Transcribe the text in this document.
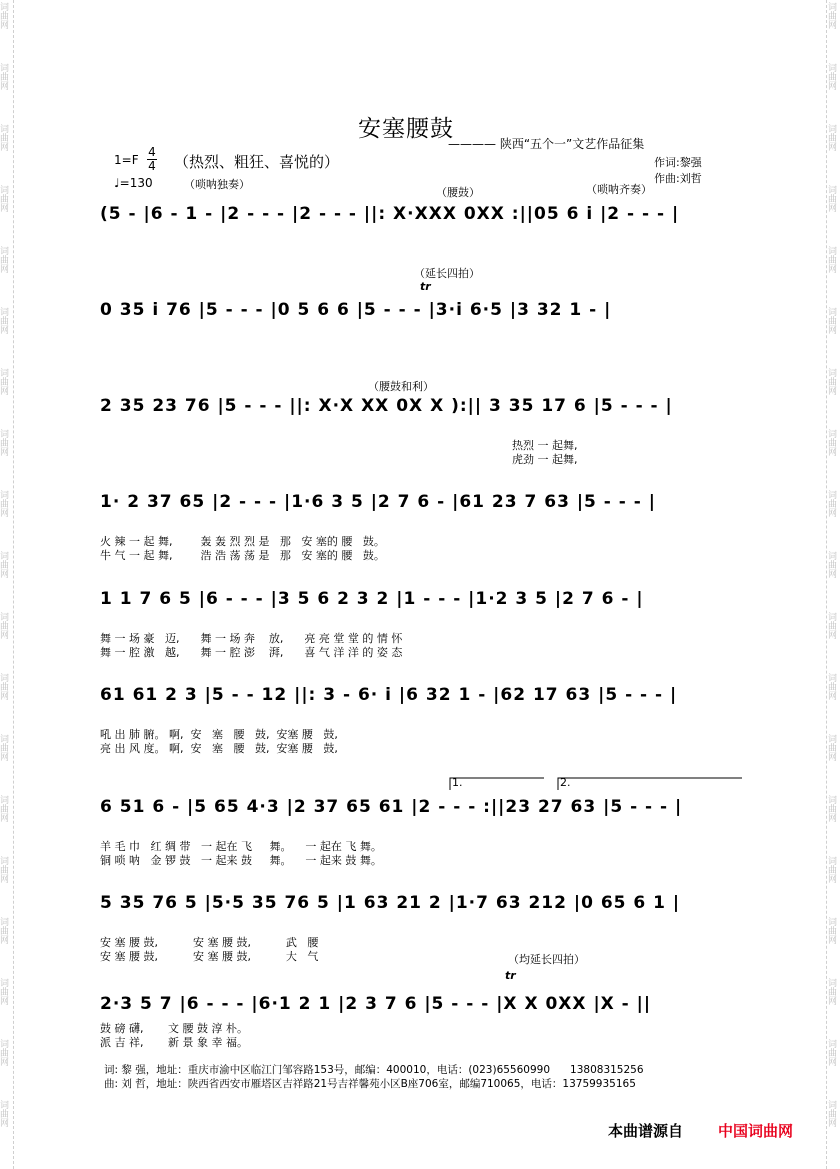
词
曲
网
词
曲
网
词
曲
网
词
曲
网
词
曲
网
词
曲
网
词
曲
网
词
曲
网
词
曲
网
词
曲
网
词
曲
网
词
曲
网
词
曲
网
词
曲
网
词
曲
网
词
曲
网
词
曲
网
词
曲
网
词
曲
网
词
曲
网
词
曲
网
词
曲
网
词
曲
网
词
曲
网
词
曲
网
词
曲
网
词
曲
网
词
曲
网
词
曲
网
词
曲
网
词
曲
网
词
曲
网
词
曲
网
词
曲
网
词
曲
网
词
曲
网
词
曲
网
词
曲
网
安塞腰鼓
———— 陕西“五个一”文艺作品征集
作词:黎强
作曲:刘哲
1=F
4
4 （热烈、粗狂、喜悦的）
♩=130	（唢呐独奏）
（腰鼓）	（唢呐齐奏）
（延长四拍）
tr
（腰鼓和利）
1.	2.
（均延长四拍）
tr
(5 - |6 - 1 - |2 - - - |2 - - - ||: X·XXX 0XX :||05 6 i |2 - - - |
0 35 i 76 |5 - - - |0 5 6 6 |5 - - - |3·i 6·5 |3 32 1 - |
2 35 23 76 |5 - - - ||: X·X XX 0X X ):|| 3 35 17 6 |5 - - - |
热烈 一 起舞,
虎劲 一 起舞,
1· 2 37 65 |2 - - - |1·6 3 5 |2 7 6 - |61 23 7 63 |5 - - - |
火 辣 一 起 舞,        轰 轰 烈 烈 是   那   安 塞的 腰   鼓。
牛 气 一 起 舞,        浩 浩 荡 荡 是   那   安 塞的 腰   鼓。
1 1 7 6 5 |6 - - - |3 5 6 2 3 2 |1 - - - |1·2 3 5 |2 7 6 - |
舞 一 场 豪   迈,      舞 一 场 奔    放,      亮 亮 堂 堂 的 情 怀
舞 一 腔 激   越,      舞 一 腔 澎    湃,      喜 气 洋 洋 的 姿 态
61 61 2 3 |5 - - 12 ||: 3 - 6· i |6 32 1 - |62 17 63 |5 - - - |
吼 出 肺 腑。 啊,  安   塞   腰   鼓,  安塞 腰   鼓,
亮 出 风 度。 啊,  安   塞   腰   鼓,  安塞 腰   鼓,
6 51 6 - |5 65 4·3 |2 37 65 61 |2 - - - :||23 27 63 |5 - - - |
羊 毛 巾   红 绸 带   一 起在 飞     舞。    一 起在 飞 舞。
铜 唢 呐   金 锣 鼓   一 起来 鼓     舞。    一 起来 鼓 舞。
5 35 76 5 |5·5 35 76 5 |1 63 21 2 |1·7 63 212 |0 65 6 1 |
安 塞 腰 鼓,          安 塞 腰 鼓,          武   腰
安 塞 腰 鼓,          安 塞 腰 鼓,          大   气
2·3 5 7 |6 - - - |6·1 2 1 |2 3 7 6 |5 - - - |X X 0XX |X - ||
鼓 磅 礴,       文 腰 鼓 淳 朴。
派 吉 祥,       新 景 象 幸 福。
词: 黎 强，地址：重庆市渝中区临江门邹容路153号，邮编：400010，电话：(023)65560990      13808315256
曲: 刘 哲，地址：陕西省西安市雁塔区吉祥路21号吉祥馨苑小区B座706室，邮编710065，电话：13759935165
本曲谱源自 中国词曲网
